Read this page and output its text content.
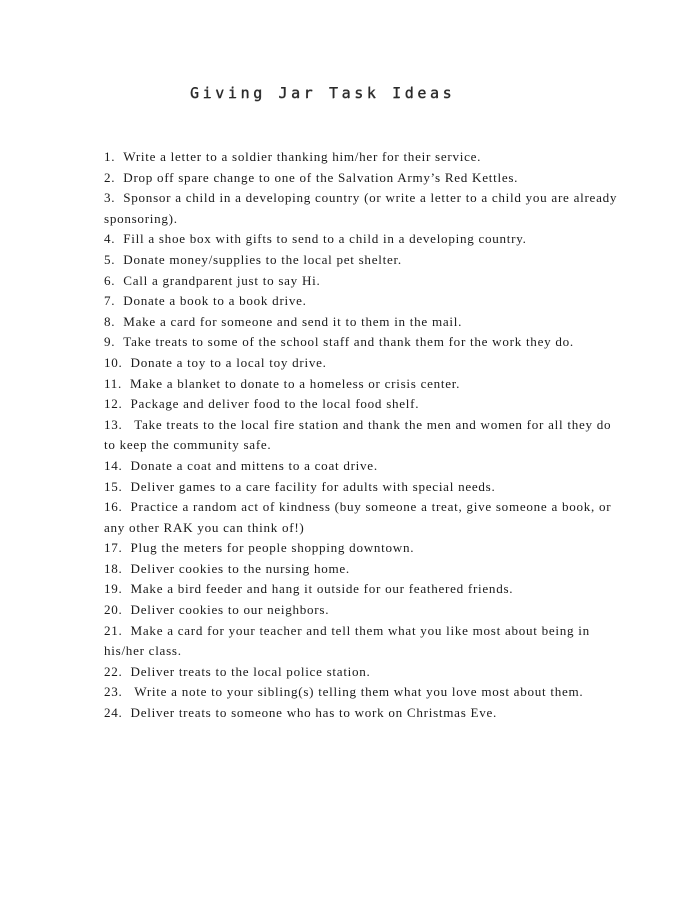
Giving Jar Task Ideas
1. Write a letter to a soldier thanking him/her for their service.
2. Drop off spare change to one of the Salvation Army’s Red Kettles.
3. Sponsor a child in a developing country (or write a letter to a child you are already sponsoring).
4. Fill a shoe box with gifts to send to a child in a developing country.
5. Donate money/supplies to the local pet shelter.
6. Call a grandparent just to say Hi.
7. Donate a book to a book drive.
8. Make a card for someone and send it to them in the mail.
9. Take treats to some of the school staff and thank them for the work they do.
10. Donate a toy to a local toy drive.
11. Make a blanket to donate to a homeless or crisis center.
12. Package and deliver food to the local food shelf.
13. Take treats to the local fire station and thank the men and women for all they do to keep the community safe.
14. Donate a coat and mittens to a coat drive.
15. Deliver games to a care facility for adults with special needs.
16. Practice a random act of kindness (buy someone a treat, give someone a book, or any other RAK you can think of!)
17. Plug the meters for people shopping downtown.
18. Deliver cookies to the nursing home.
19. Make a bird feeder and hang it outside for our feathered friends.
20. Deliver cookies to our neighbors.
21. Make a card for your teacher and tell them what you like most about being in his/her class.
22. Deliver treats to the local police station.
23. Write a note to your sibling(s) telling them what you love most about them.
24. Deliver treats to someone who has to work on Christmas Eve.
